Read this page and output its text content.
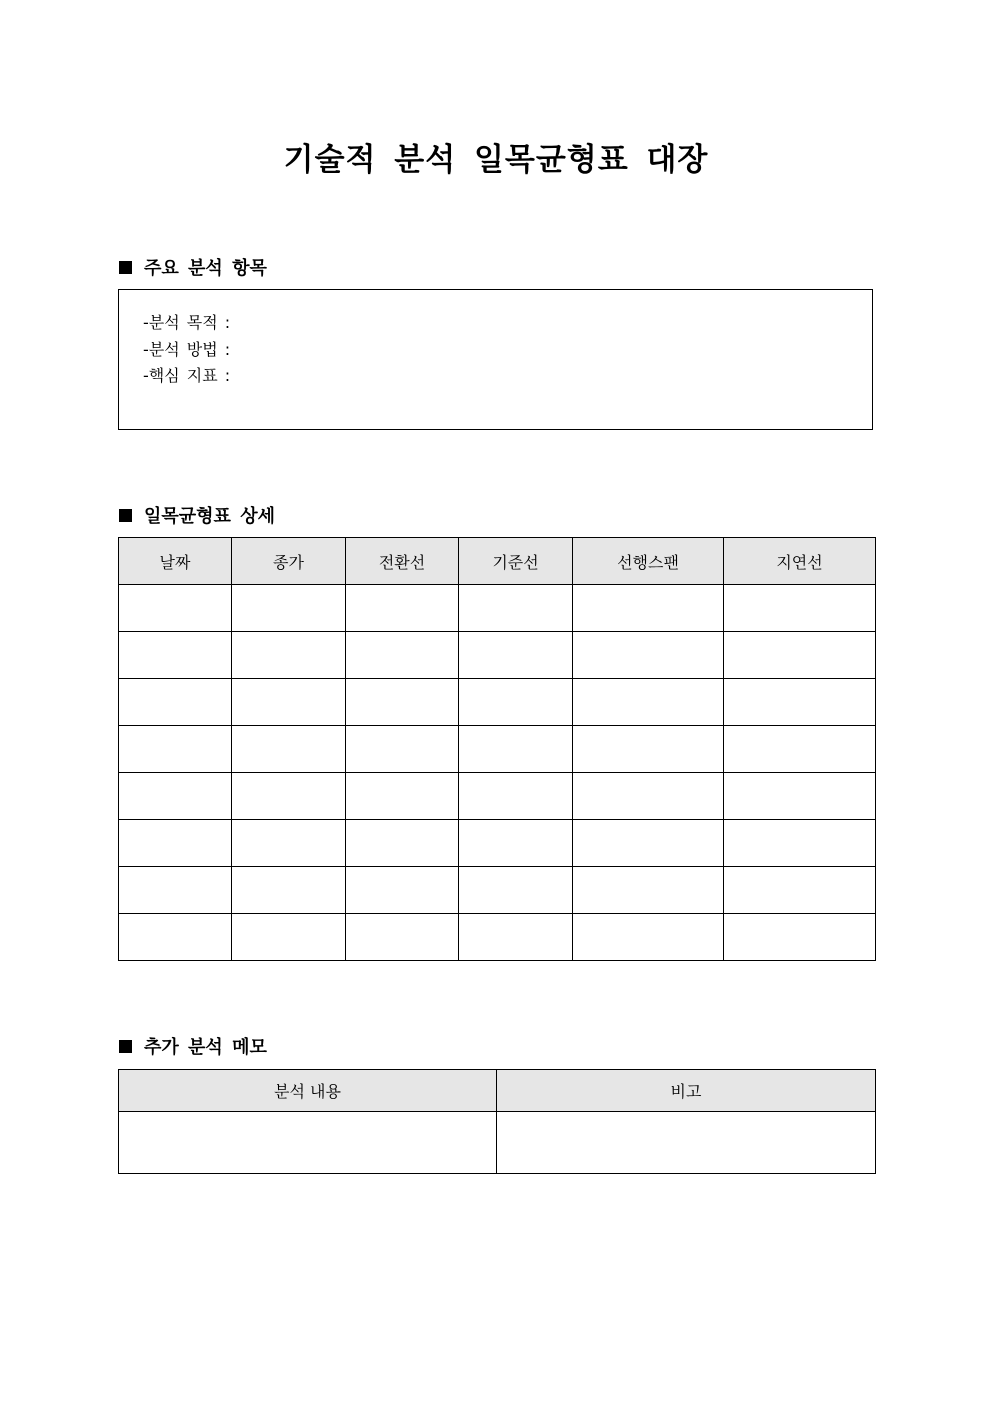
기술적 분석 일목균형표 대장
주요 분석 항목
-분석 목적 :
-분석 방법 :
-핵심 지표 :
일목균형표 상세
날짜	종가	전환선	기준선	선행스팬	지연선

추가 분석 메모
분석 내용	비고
